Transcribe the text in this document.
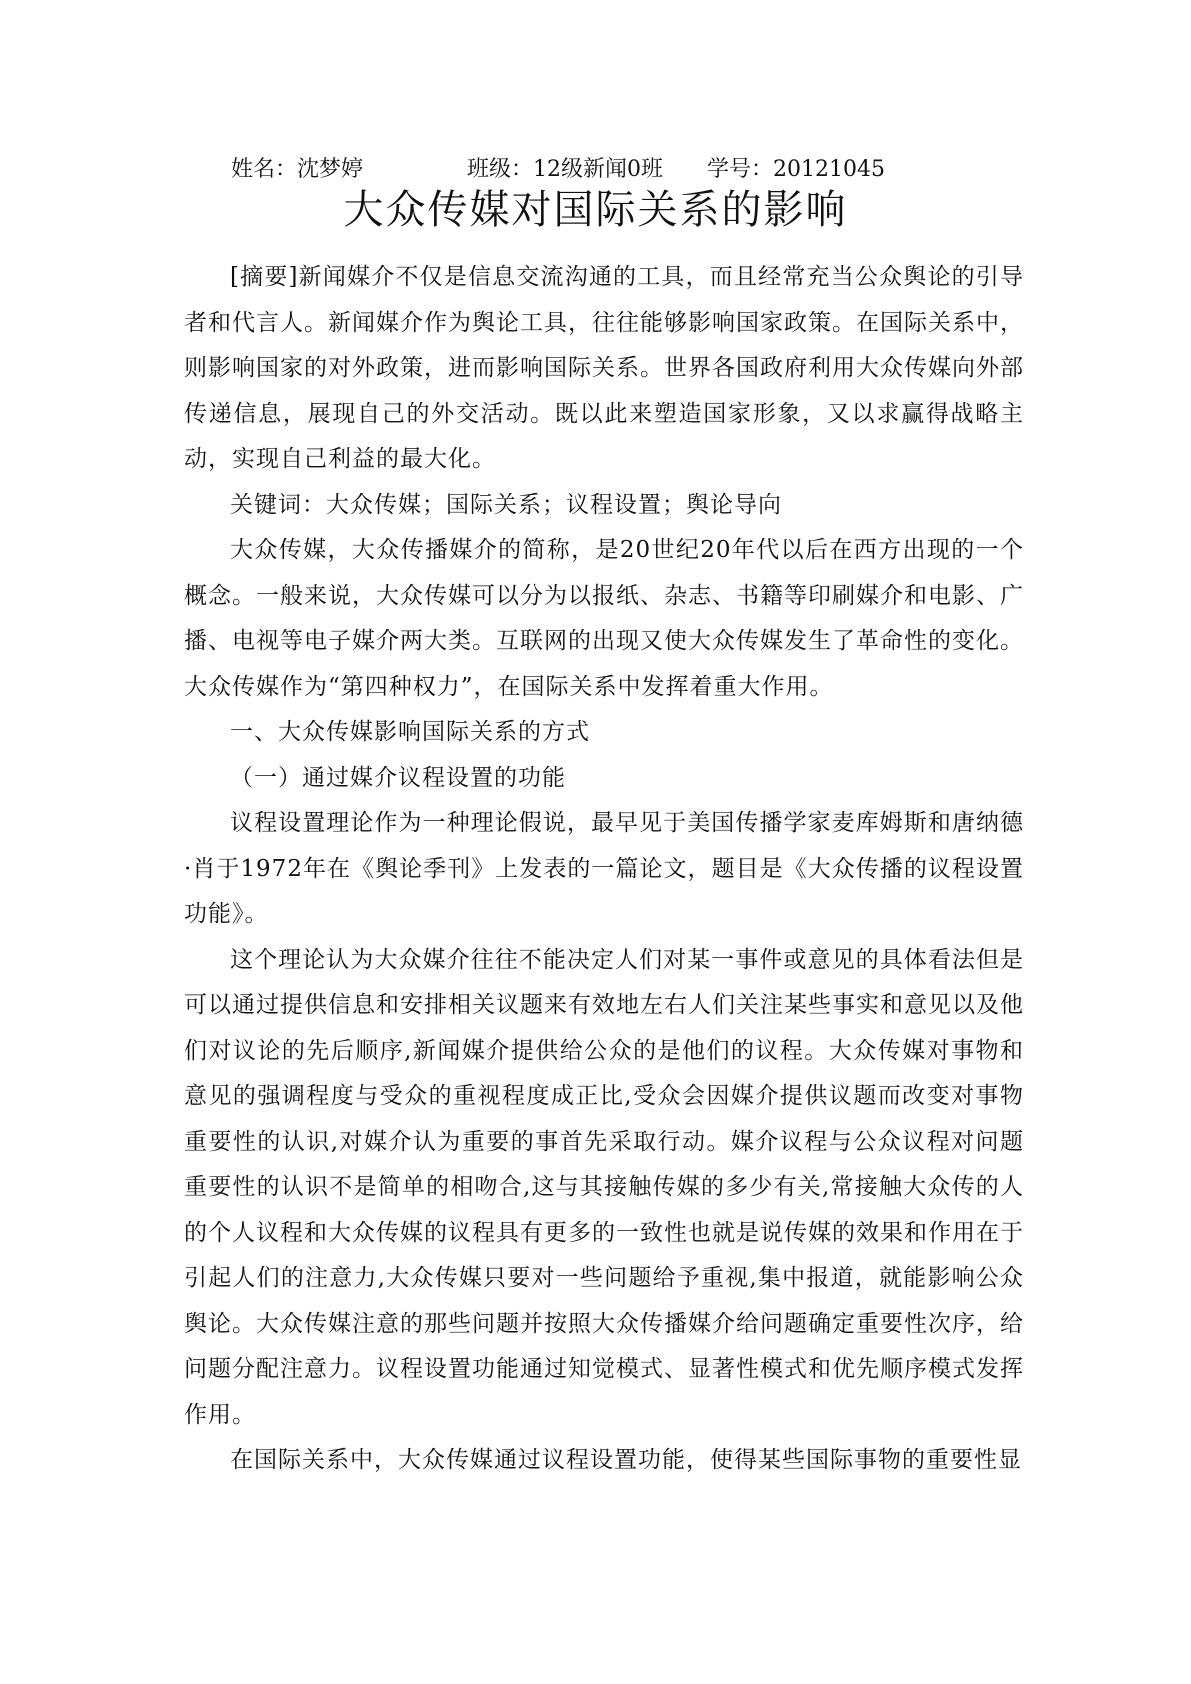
姓名：沈梦婷	班级：12级新闻0班 学号：20121045
大众传媒对国际关系的影响

[摘要]新闻媒介不仅是信息交流沟通的工具，而且经常充当公众舆论的引导者和代言人。新闻媒介作为舆论工具，往往能够影响国家政策。在国际关系中，则影响国家的对外政策，进而影响国际关系。世界各国政府利用大众传媒向外部传递信息，展现自己的外交活动。既以此来塑造国家形象，又以求赢得战略主动，实现自己利益的最大化。

关键词：大众传媒；国际关系；议程设置；舆论导向

大众传媒，大众传播媒介的简称，是20世纪20年代以后在西方出现的一个概念。一般来说，大众传媒可以分为以报纸、杂志、书籍等印刷媒介和电影、广播、电视等电子媒介两大类。互联网的出现又使大众传媒发生了革命性的变化。大众传媒作为“第四种权力”，在国际关系中发挥着重大作用。

一、大众传媒影响国际关系的方式

（一）通过媒介议程设置的功能

议程设置理论作为一种理论假说，最早见于美国传播学家麦库姆斯和唐纳德·肖于1972年在《舆论季刊》上发表的一篇论文，题目是《大众传播的议程设置功能》。

这个理论认为大众媒介往往不能决定人们对某一事件或意见的具体看法但是可以通过提供信息和安排相关议题来有效地左右人们关注某些事实和意见以及他们对议论的先后顺序,新闻媒介提供给公众的是他们的议程。大众传媒对事物和意见的强调程度与受众的重视程度成正比,受众会因媒介提供议题而改变对事物重要性的认识,对媒介认为重要的事首先采取行动。媒介议程与公众议程对问题重要性的认识不是简单的相吻合,这与其接触传媒的多少有关,常接触大众传的人的个人议程和大众传媒的议程具有更多的一致性也就是说传媒的效果和作用在于引起人们的注意力,大众传媒只要对一些问题给予重视,集中报道，就能影响公众舆论。大众传媒注意的那些问题并按照大众传播媒介给问题确定重要性次序，给问题分配注意力。议程设置功能通过知觉模式、显著性模式和优先顺序模式发挥作用。

在国际关系中，大众传媒通过议程设置功能，使得某些国际事物的重要性显
